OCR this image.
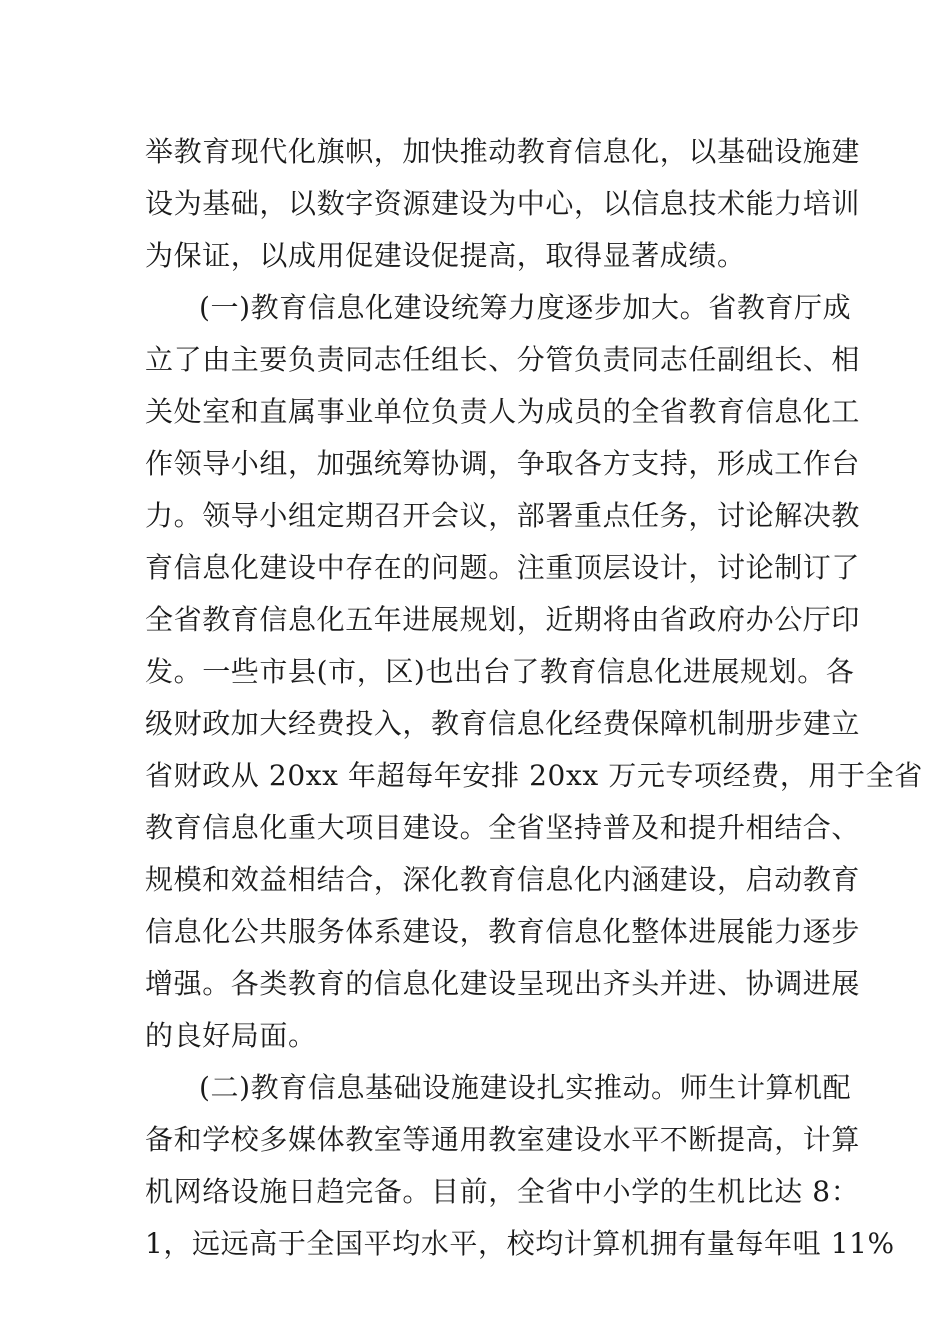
举教育现代化旗帜，加快推动教育信息化，以基础设施建
设为基础，以数字资源建设为中心，以信息技术能力培训
为保证，以成用促建设促提高，取得显著成绩。
(一)教育信息化建设统筹力度逐步加大。省教育厅成
立了由主要负责同志任组长、分管负责同志任副组长、相
关处室和直属事业单位负责人为成员的全省教育信息化工
作领导小组，加强统筹协调，争取各方支持，形成工作台
力。领导小组定期召开会议，部署重点任务，讨论解决教
育信息化建设中存在的问题。注重顶层设计，讨论制订了
全省教育信息化五年进展规划，近期将由省政府办公厅印
发。一些市县(市，区)也出台了教育信息化进展规划。各
级财政加大经费投入，教育信息化经费保障机制册步建立
省财政从 20xx 年超每年安排 20xx 万元专项经费，用于全省
教育信息化重大项目建设。全省坚持普及和提升相结合、
规模和效益相结合，深化教育信息化内涵建设，启动教育
信息化公共服务体系建设，教育信息化整体进展能力逐步
增强。各类教育的信息化建设呈现出齐头并进、协调进展
的良好局面。
(二)教育信息基础设施建设扎实推动。师生计算机配
备和学校多媒体教室等通用教室建设水平不断提高，计算
机网络设施日趋完备。目前，全省中小学的生机比达 8：
1，远远高于全国平均水平，校均计算机拥有量每年咀 11%
